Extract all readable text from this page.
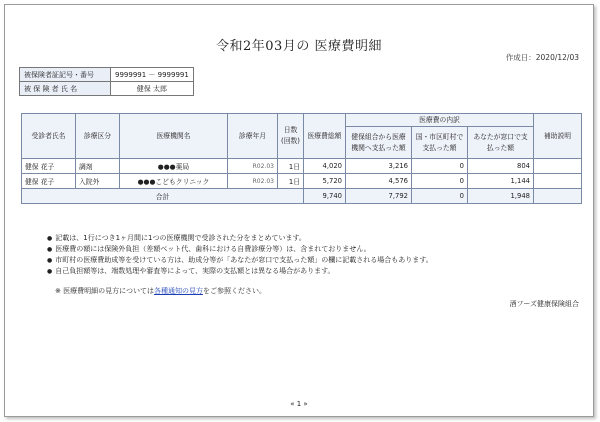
令和2年03月の 医療費明細
作成日：2020/12/03
被保険者証記号・番号	9999991 － 9999991
被 保 険 者 氏 名	健保 太郎
受診者氏名	診療区分	医療機関名	診療年月	日数(回数)	医療費総額	医療費の内訳			補助説明
						健保組合から医療機関へ支払った額	国・市区町村で支払った額	あなたが窓口で支払った額	
健保 花子	調剤	●●●薬局	R02.03	1日	4,020	3,216	0	804	
健保 花子	入院外	●●●こどもクリニック	R02.03	1日	5,720	4,576	0	1,144	
合計					9,740	7,792	0	1,948	
● 記載は、1行につき1ヶ月間に1つの医療機関で受診された分をまとめています。
● 医療費の額には保険外負担（差額ベット代、歯科における自費診療分等）は、含まれておりません。
● 市町村の医療費助成等を受けている方は、助成分等が「あなたが窓口で支払った額」の欄に記載される場合もあります。
● 自己負担額等は、端数処理や審査等によって、実際の支払額とは異なる場合があります。
※ 医療費明細の見方については各種通知の見方をご参照ください。
酒フーズ健康保険組合
« 1 »
